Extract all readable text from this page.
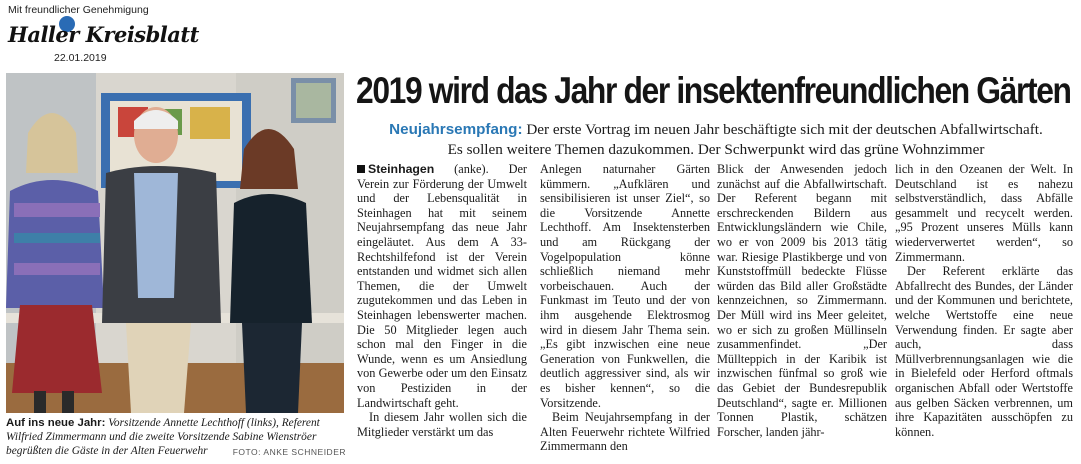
Mit freundlicher Genehmigung
Haller Kreisblatt
22.01.2019
Auf ins neue Jahr: Vorsitzende Annette Lechthoff (links), Referent Wilfried Zimmermann und die zweite Vorsitzende Sabine Wienströer begrüßten die Gäste in der Alten Feuerwehr	FOTO: ANKE SCHNEIDER
2019 wird das Jahr der insektenfreundlichen Gärten
Neujahrsempfang: Der erste Vortrag im neuen Jahr beschäftigte sich mit der deutschen Abfallwirtschaft.
Es sollen weitere Themen dazukommen. Der Schwerpunkt wird das grüne Wohnzimmer

Steinhagen (anke). Der Verein zur Förderung der Umwelt und der Lebensqualität in Steinhagen hat mit seinem Neujahrsempfang das neue Jahr eingeläutet. Aus dem A 33-Rechtshilfefond ist der Verein entstanden und widmet sich allen Themen, die der Umwelt zugutekommen und das Leben in Steinhagen lebenswerter machen. Die 50 Mitglieder legen auch schon mal den Finger in die Wunde, wenn es um Ansiedlung von Gewerbe oder um den Einsatz von Pestiziden in der Landwirtschaft geht.

In diesem Jahr wollen sich die Mitglieder verstärkt um das

Anlegen naturnaher Gärten kümmern. „Aufklären und sensibilisieren ist unser Ziel“, so die Vorsitzende Annette Lechthoff. Am Insektensterben und am Rückgang der Vogelpopulation könne schließlich niemand mehr vorbeischauen. Auch der Funkmast im Teuto und der von ihm ausgehende Elektrosmog wird in diesem Jahr Thema sein. „Es gibt inzwischen eine neue Generation von Funkwellen, die deutlich aggressiver sind, als wir es bisher kennen“, so die Vorsitzende.

Beim Neujahrsempfang in der Alten Feuerwehr richtete Wilfried Zimmermann den

Blick der Anwesenden jedoch zunächst auf die Abfallwirtschaft. Der Referent begann mit erschreckenden Bildern aus Entwicklungsländern wie Chile, wo er von 2009 bis 2013 tätig war. Riesige Plastikberge und von Kunststoffmüll bedeckte Flüsse würden das Bild aller Großstädte kennzeichnen, so Zimmermann. Der Müll wird ins Meer geleitet, wo er sich zu großen Müllinseln zusammenfindet. „Der Müllteppich in der Karibik ist inzwischen fünfmal so groß wie das Gebiet der Bundesrepublik Deutschland“, sagte er. Millionen Tonnen Plastik, schätzen Forscher, landen jähr-

lich in den Ozeanen der Welt. In Deutschland ist es nahezu selbstverständlich, dass Abfälle gesammelt und recycelt werden. „95 Prozent unseres Mülls kann wiederverwertet werden“, so Zimmermann.

Der Referent erklärte das Abfallrecht des Bundes, der Länder und der Kommunen und berichtete, welche Wertstoffe eine neue Verwendung finden. Er sagte aber auch, dass Müllverbrennungsanlagen wie die in Bielefeld oder Herford oftmals organischen Abfall oder Wertstoffe aus gelben Säcken verbrennen, um ihre Kapazitäten ausschöpfen zu können.
